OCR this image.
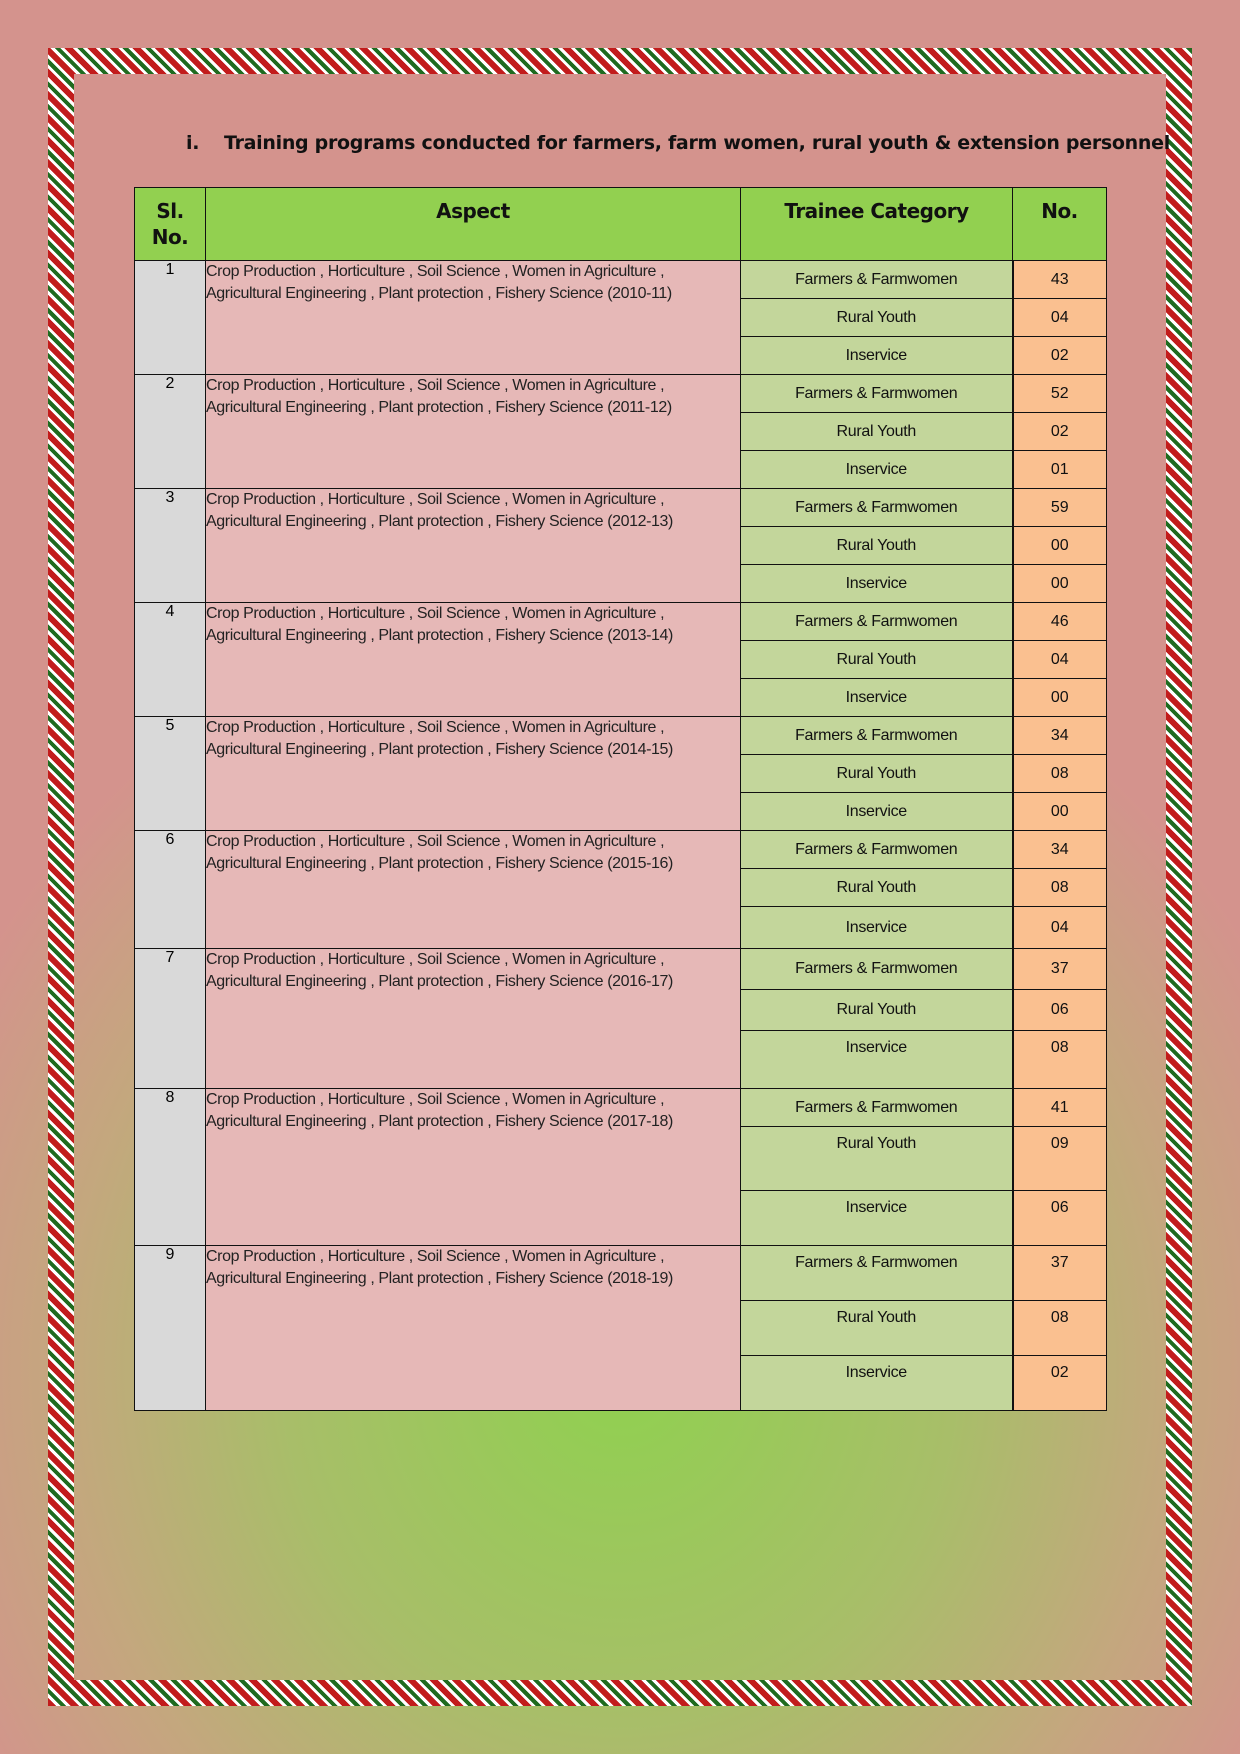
i. Training programs conducted for farmers, farm women, rural youth & extension personnel
Sl. No.	Aspect	Trainee Category	No.
1	Crop Production , Horticulture , Soil Science , Women in Agriculture , Agricultural Engineering , Plant protection , Fishery Science (2010-11)	Farmers & Farmwomen	43
		Rural Youth	04
		Inservice	02
2	Crop Production , Horticulture , Soil Science , Women in Agriculture , Agricultural Engineering , Plant protection , Fishery Science (2011-12)	Farmers & Farmwomen	52
		Rural Youth	02
		Inservice	01
3	Crop Production , Horticulture , Soil Science , Women in Agriculture , Agricultural Engineering , Plant protection , Fishery Science (2012-13)	Farmers & Farmwomen	59
		Rural Youth	00
		Inservice	00
4	Crop Production , Horticulture , Soil Science , Women in Agriculture , Agricultural Engineering , Plant protection , Fishery Science (2013-14)	Farmers & Farmwomen	46
		Rural Youth	04
		Inservice	00
5	Crop Production , Horticulture , Soil Science , Women in Agriculture , Agricultural Engineering , Plant protection , Fishery Science (2014-15)	Farmers & Farmwomen	34
		Rural Youth	08
		Inservice	00
6	Crop Production , Horticulture , Soil Science , Women in Agriculture , Agricultural Engineering , Plant protection , Fishery Science (2015-16)	Farmers & Farmwomen	34
		Rural Youth	08
		Inservice	04
7	Crop Production , Horticulture , Soil Science , Women in Agriculture , Agricultural Engineering , Plant protection , Fishery Science (2016-17)	Farmers & Farmwomen	37
		Rural Youth	06
		Inservice	08
8	Crop Production , Horticulture , Soil Science , Women in Agriculture , Agricultural Engineering , Plant protection , Fishery Science (2017-18)	Farmers & Farmwomen	41
		Rural Youth	09
		Inservice	06
9	Crop Production , Horticulture , Soil Science , Women in Agriculture , Agricultural Engineering , Plant protection , Fishery Science (2018-19)	Farmers & Farmwomen	37
		Rural Youth	08
		Inservice	02
